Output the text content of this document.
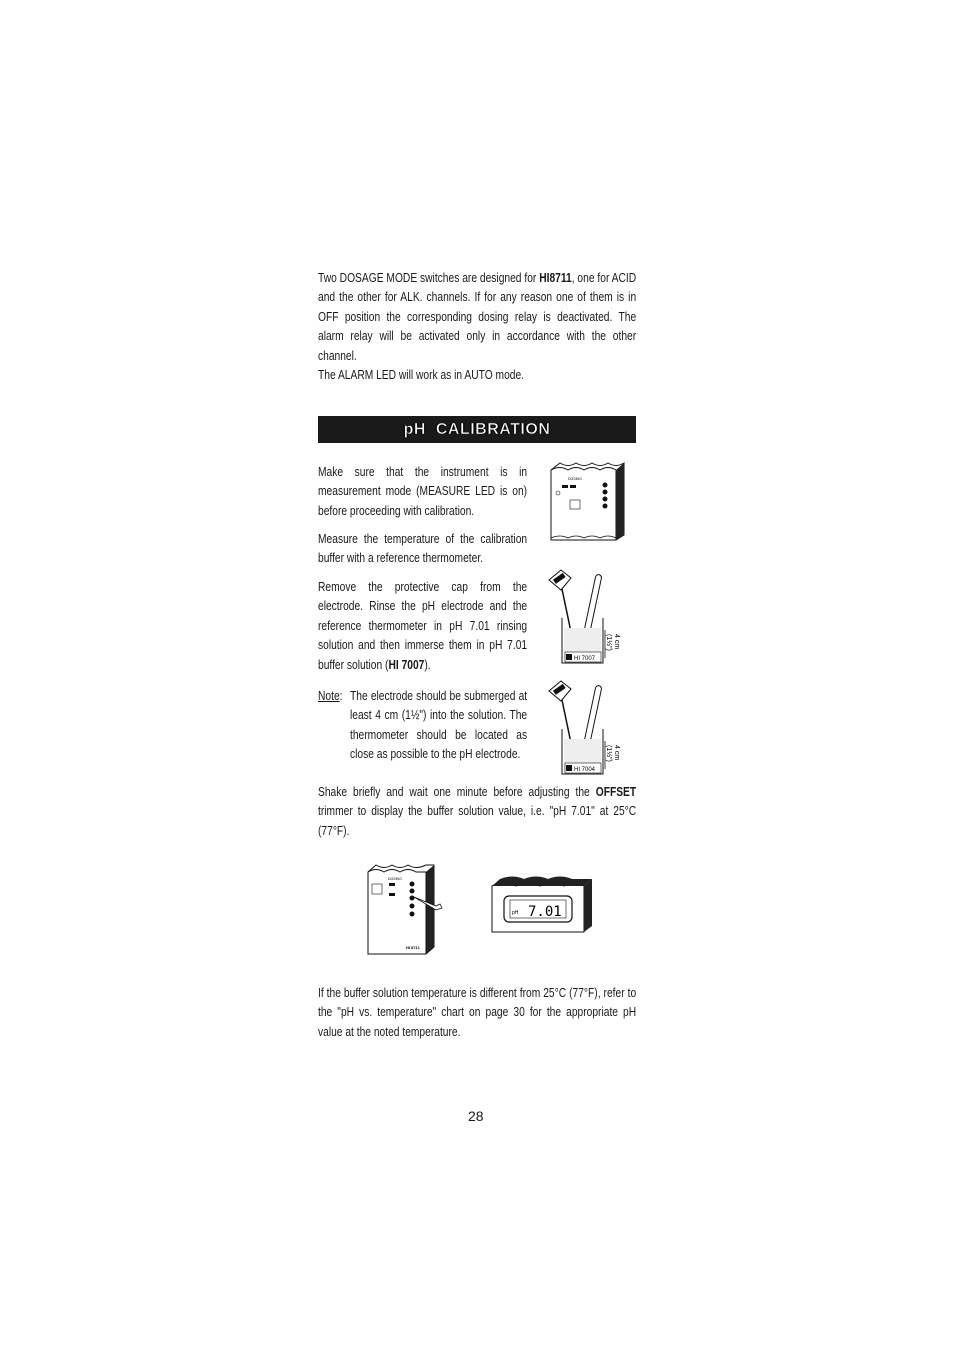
Two DOSAGE MODE switches are designed for HI8711, one for ACID and the other for ALK. channels. If for any reason one of them is in OFF position the corresponding dosing relay is deactivated. The alarm relay will be activated only in accordance with the other channel.

The ALARM LED will work as in AUTO mode.
pH  CALIBRATION
Make sure that the instrument is in measurement mode (MEASURE LED is on) before proceeding with calibration.
Measure the temperature of the calibration buffer with a reference thermometer.
Remove the protective cap from the electrode. Rinse the pH electrode and the reference thermometer in pH 7.01 rinsing solution and then immerse them in pH 7.01 buffer solution (HI 7007).
Note: The electrode should be submerged at least 4 cm (1½") into the solution. The thermometer should be located as close as possible to the pH electrode.
Shake briefly and wait one minute before adjusting the OFFSET trimmer to display the buffer solution value, i.e. "pH 7.01" at 25°C (77°F).
If the buffer solution temperature is different from 25°C (77°F), refer to the "pH vs. temperature" chart on page 30 for the appropriate pH value at the noted temperature.
DOSING
HI 7007
4 cm
(1½")
HI 7004
4 cm
(1½")
DOSING
HI 8711
pH 7.01
28
